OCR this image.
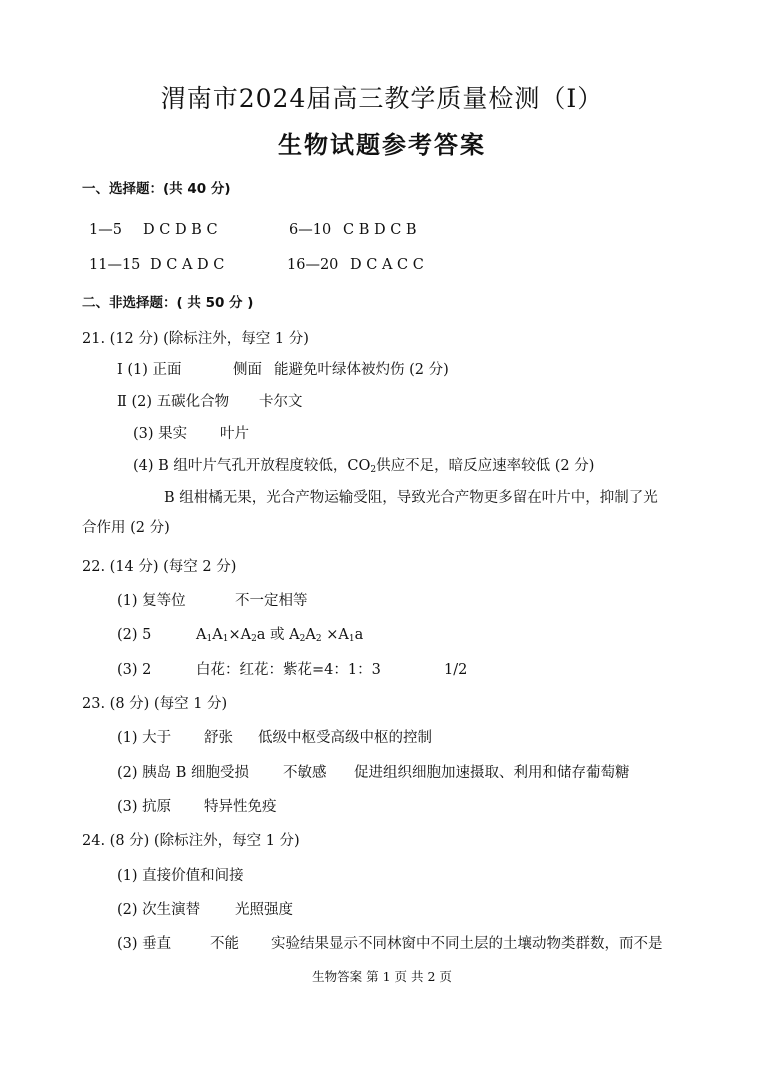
渭南市2024届高三教学质量检测（Ⅰ）
生物试题参考答案
一、选择题：(共 40 分)
1—5 D C D B C	6—10 C B D C B
11—15 D C A D C	16—20 D C A C C
二、非选择题：( 共 50 分 )
21. (12 分) (除标注外，每空 1 分)
Ⅰ (1) 正面	侧面 能避免叶绿体被灼伤 (2 分)
Ⅱ (2) 五碳化合物 卡尔文
(3) 果实 叶片
(4) B 组叶片气孔开放程度较低，$CO_2$供应不足，暗反应速率较低 (2 分)
B 组柑橘无果，光合产物运输受阻，导致光合产物更多留在叶片中，抑制了光
合作用 (2 分)
22. (14 分) (每空 2 分)
(1) 复等位	不一定相等
(2) 5	$A_1A_1\times A_2a$ 或 $A_2A_2 \times A_1a$
(3) 2	白花：红花：紫花=4：1：3	1/2
23. (8 分) (每空 1 分)
(1) 大于 舒张 低级中枢受高级中枢的控制
(2) 胰岛 B 细胞受损 不敏感 促进组织细胞加速摄取、利用和储存葡萄糖
(3) 抗原 特异性免疫
24. (8 分) (除标注外，每空 1 分)
(1) 直接价值和间接
(2) 次生演替 光照强度
(3) 垂直	不能 实验结果显示不同林窗中不同土层的土壤动物类群数，而不是
生物答案 第 1 页 共 2 页
